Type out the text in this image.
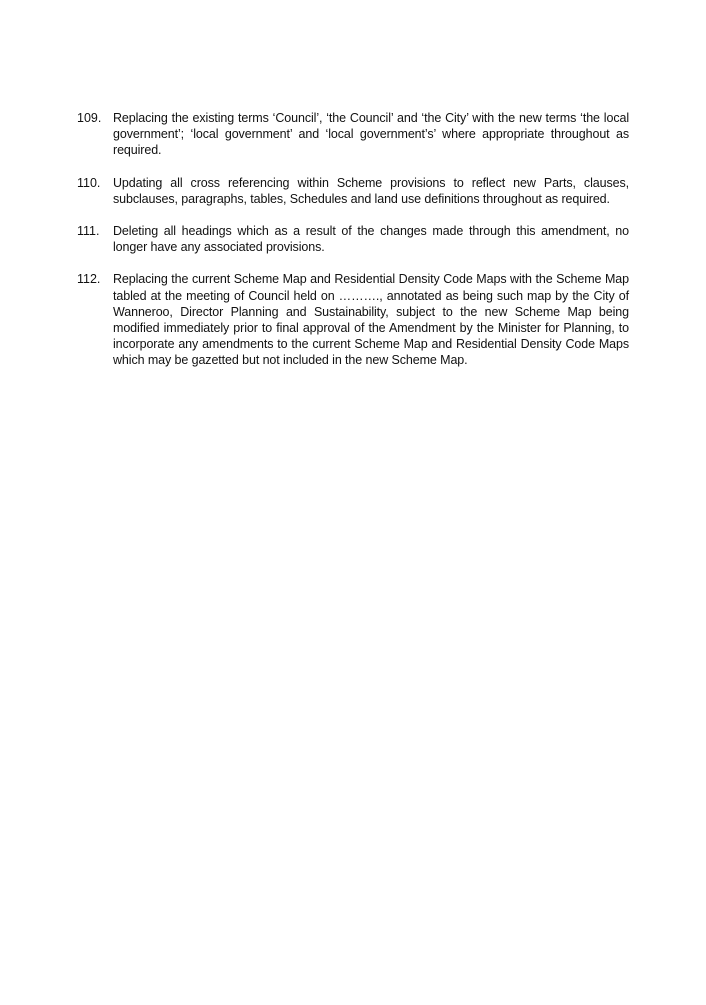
109. Replacing the existing terms ‘Council’, ‘the Council’ and ‘the City’ with the new terms ‘the local government’; ‘local government’ and ‘local government’s’ where appropriate throughout as required.
110.	Updating all cross referencing within Scheme provisions to reflect new Parts, clauses, subclauses, paragraphs, tables, Schedules and land use definitions throughout as required.
111.	Deleting all headings which as a result of the changes made through this amendment, no longer have any associated provisions.
112.	Replacing the current Scheme Map and Residential Density Code Maps with the Scheme Map tabled at the meeting of Council held on ………., annotated as being such map by the City of Wanneroo, Director Planning and Sustainability, subject to the new Scheme Map being modified immediately prior to final approval of the Amendment by the Minister for Planning, to incorporate any amendments to the current Scheme Map and Residential Density Code Maps which may be gazetted but not included in the new Scheme Map.
